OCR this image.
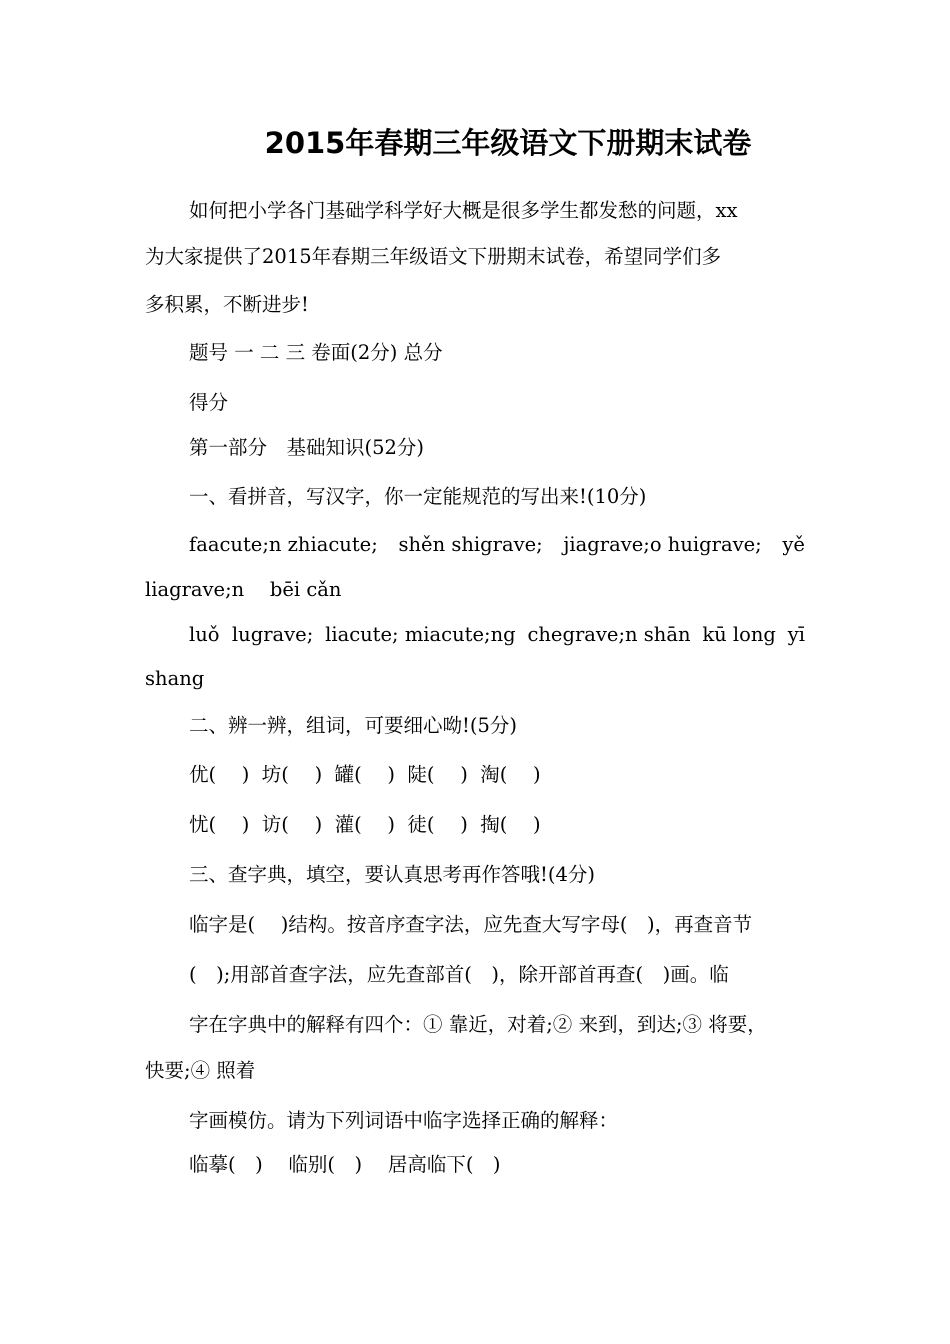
2015年春期三年级语文下册期末试卷

如何把小学各门基础学科学好大概是很多学生都发愁的问题，xx

为大家提供了2015年春期三年级语文下册期末试卷，希望同学们多

多积累，不断进步!

题号 一 二 三 卷面(2分) 总分

得分

第一部分　基础知识(52分)

一、看拼音，写汉字，你一定能规范的写出来!(10分)

faacute;n zhiacute; shěn shigrave; jiagrave;o huigrave; yě

liagrave;n　 bēi cǎn

luǒ  lugrave; liacute; miacute;ng chegrave;n shān kū long yī

shang

二、辨一辨，组词，可要细心呦!(5分)

优(　 )  坊(　 )  罐(　 )  陡(　 )  淘(　 )

忧(　 )  访(　 )  灌(　 )  徒(　 )  掏(　 )

三、查字典，填空，要认真思考再作答哦!(4分)

临字是(　 )结构。按音序查字法，应先查大写字母(　)，再查音节

(　);用部首查字法，应先查部首(　)，除开部首再查(　)画。临

字在字典中的解释有四个：① 靠近，对着;② 来到，到达;③ 将要，

快要;④ 照着

字画模仿。请为下列词语中临字选择正确的解释：

临摹(　)　 临别(　)　 居高临下(　)
